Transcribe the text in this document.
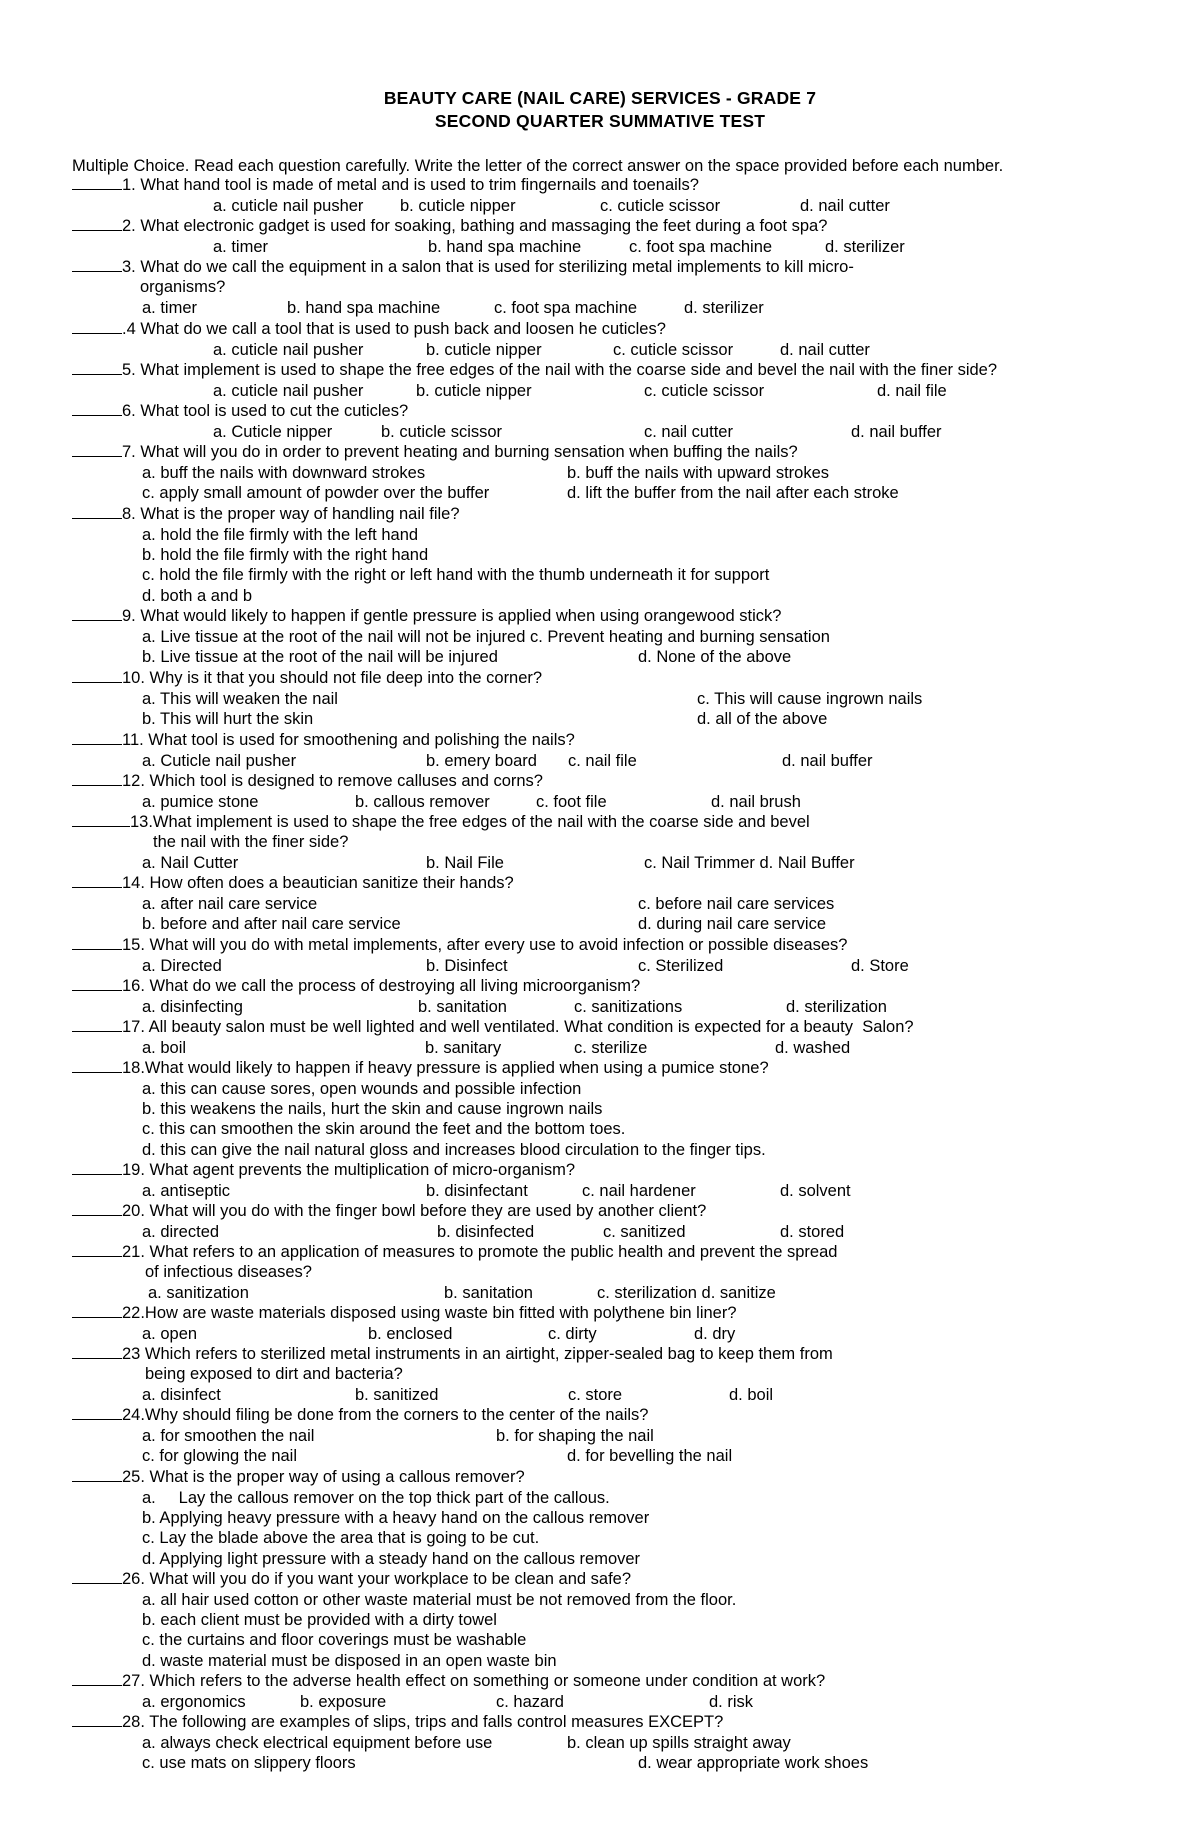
BEAUTY CARE (NAIL CARE) SERVICES - GRADE 7
SECOND QUARTER SUMMATIVE TEST
Multiple Choice. Read each question carefully. Write the letter of the correct answer on the space provided before each number.
1. What hand tool is made of metal and is used to trim fingernails and toenails?
a. cuticle nail pusher b. cuticle nipper	c. cuticle scissor	d. nail cutter
2. What electronic gadget is used for soaking, bathing and massaging the feet during a foot spa?
a. timer	b. hand spa machine	c. foot spa machine	d. sterilizer
3. What do we call the equipment in a salon that is used for sterilizing metal implements to kill micro-
organisms?
a. timer	b. hand spa machine	c. foot spa machine	d. sterilizer
.4 What do we call a tool that is used to push back and loosen he cuticles?
a. cuticle nail pusher	b. cuticle nipper	c. cuticle scissor	d. nail cutter
5. What implement is used to shape the free edges of the nail with the coarse side and bevel the nail with the finer side?
a. cuticle nail pusher	b. cuticle nipper	c. cuticle scissor	d. nail file
6. What tool is used to cut the cuticles?
a. Cuticle nipper	b. cuticle scissor	c. nail cutter	d. nail buffer
7. What will you do in order to prevent heating and burning sensation when buffing the nails?
a. buff the nails with downward strokes	b. buff the nails with upward strokes
c. apply small amount of powder over the buffer	d. lift the buffer from the nail after each stroke
8. What is the proper way of handling nail file?
a. hold the file firmly with the left hand
b. hold the file firmly with the right hand
c. hold the file firmly with the right or left hand with the thumb underneath it for support
d. both a and b
9. What would likely to happen if gentle pressure is applied when using orangewood stick?
a. Live tissue at the root of the nail will not be injured c. Prevent heating and burning sensation
b. Live tissue at the root of the nail will be injured	d. None of the above
10. Why is it that you should not file deep into the corner?
a. This will weaken the nail	c. This will cause ingrown nails
b. This will hurt the skin	d. all of the above
11. What tool is used for smoothening and polishing the nails?
a. Cuticle nail pusher	b. emery board c. nail file	d. nail buffer
12. Which tool is designed to remove calluses and corns?
a. pumice stone	b. callous remover	c. foot file	d. nail brush
13.What implement is used to shape the free edges of the nail with the coarse side and bevel
the nail with the finer side?
a. Nail Cutter	b. Nail File	c. Nail Trimmer d. Nail Buffer
14. How often does a beautician sanitize their hands?
a. after nail care service	c. before nail care services
b. before and after nail care service	d. during nail care service
15. What will you do with metal implements, after every use to avoid infection or possible diseases?
a. Directed	b. Disinfect	c. Sterilized	d. Store
16. What do we call the process of destroying all living microorganism?
a. disinfecting	b. sanitation	c. sanitizations	d. sterilization
17. All beauty salon must be well lighted and well ventilated. What condition is expected for a beauty  Salon?
a. boil	b. sanitary	c. sterilize	d. washed
18.What would likely to happen if heavy pressure is applied when using a pumice stone?
a. this can cause sores, open wounds and possible infection
b. this weakens the nails, hurt the skin and cause ingrown nails
c. this can smoothen the skin around the feet and the bottom toes.
d. this can give the nail natural gloss and increases blood circulation to the finger tips.
19. What agent prevents the multiplication of micro-organism?
a. antiseptic	b. disinfectant	c. nail hardener	d. solvent
20. What will you do with the finger bowl before they are used by another client?
a. directed	b. disinfected	c. sanitized	d. stored
21. What refers to an application of measures to promote the public health and prevent the spread
of infectious diseases?
a. sanitization	b. sanitation	c. sterilization d. sanitize
22.How are waste materials disposed using waste bin fitted with polythene bin liner?
a. open	b. enclosed	c. dirty	d. dry
23 Which refers to sterilized metal instruments in an airtight, zipper-sealed bag to keep them from
being exposed to dirt and bacteria?
a. disinfect	b. sanitized	c. store	d. boil
24.Why should filing be done from the corners to the center of the nails?
a. for smoothen the nail	b. for shaping the nail
c. for glowing the nail	d. for bevelling the nail
25. What is the proper way of using a callous remover?
a.     Lay the callous remover on the top thick part of the callous.
b. Applying heavy pressure with a heavy hand on the callous remover
c. Lay the blade above the area that is going to be cut.
d. Applying light pressure with a steady hand on the callous remover
26. What will you do if you want your workplace to be clean and safe?
a. all hair used cotton or other waste material must be not removed from the floor.
b. each client must be provided with a dirty towel
c. the curtains and floor coverings must be washable
d. waste material must be disposed in an open waste bin
27. Which refers to the adverse health effect on something or someone under condition at work?
a. ergonomics	b. exposure	c. hazard	d. risk
28. The following are examples of slips, trips and falls control measures EXCEPT?
a. always check electrical equipment before use	b. clean up spills straight away
c. use mats on slippery floors	d. wear appropriate work shoes
